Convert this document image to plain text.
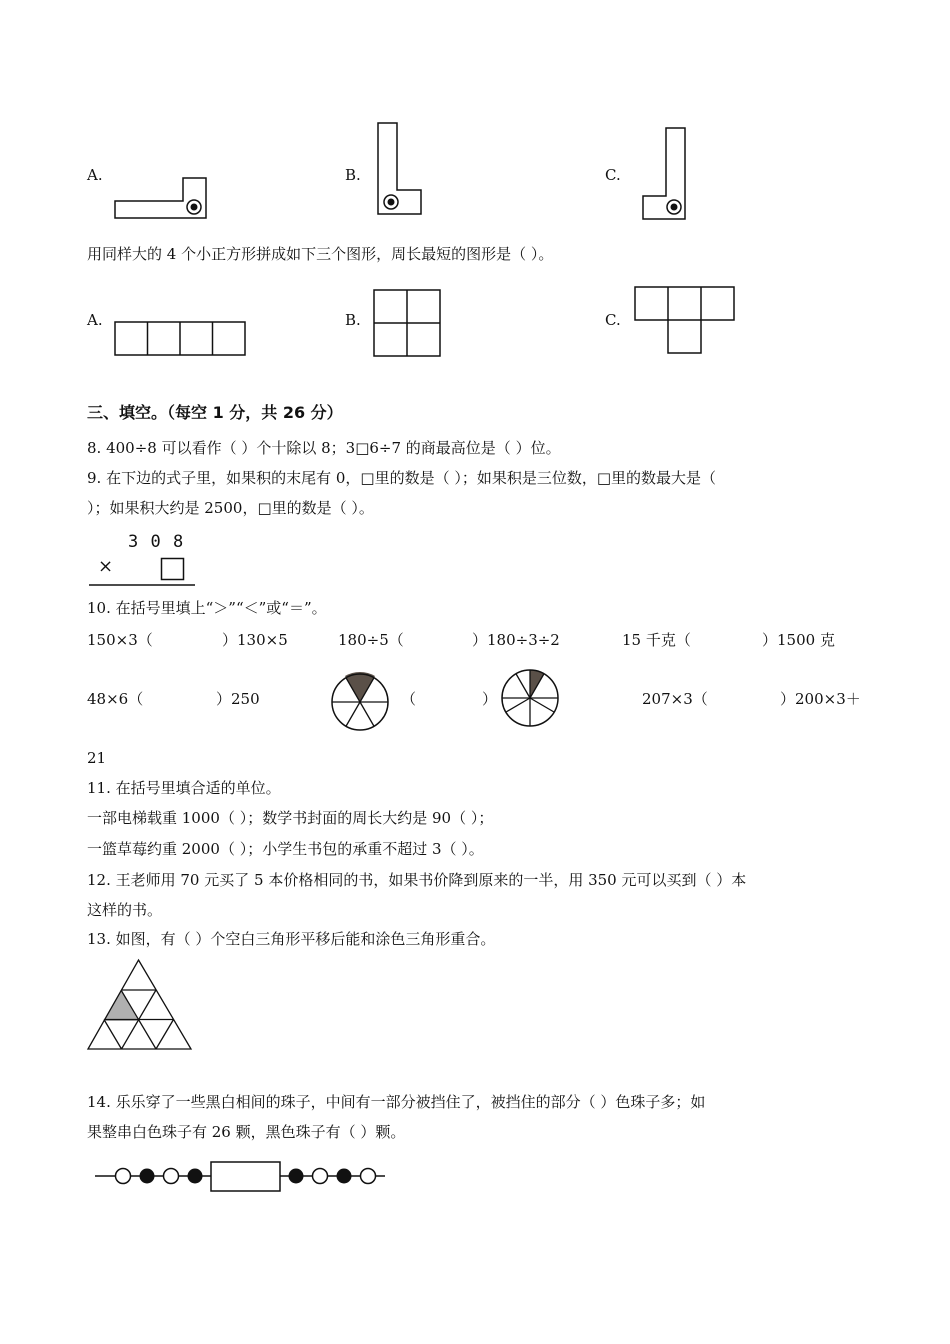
A.	B.	C.
用同样大的 4 个小正方形拼成如下三个图形，周长最短的图形是（ ）。
A.	B.	C.
三、填空。（每空 1 分，共 26 分）
8. 400÷8 可以看作（ ）个十除以 8；3□6÷7 的商最高位是（ ）位。
9. 在下边的式子里，如果积的末尾有 0，□里的数是（ ）；如果积是三位数，□里的数最大是（
）；如果积大约是 2500，□里的数是（ ）。
3 0 8
×
10. 在括号里填上“＞”“＜”或“＝”。
150×3（	）130×5	180÷5（	）180÷3÷2	15 千克（	）1500 克
48×6（	）250	（	）	207×3（	）200×3＋
21
11. 在括号里填合适的单位。
一部电梯载重 1000（ ）；数学书封面的周长大约是 90（ ）；
一篮草莓约重 2000（ ）；小学生书包的承重不超过 3（ ）。
12. 王老师用 70 元买了 5 本价格相同的书，如果书价降到原来的一半，用 350 元可以买到（ ）本
这样的书。
13. 如图，有（ ）个空白三角形平移后能和涂色三角形重合。
14. 乐乐穿了一些黑白相间的珠子，中间有一部分被挡住了，被挡住的部分（ ）色珠子多；如
果整串白色珠子有 26 颗，黑色珠子有（ ）颗。
